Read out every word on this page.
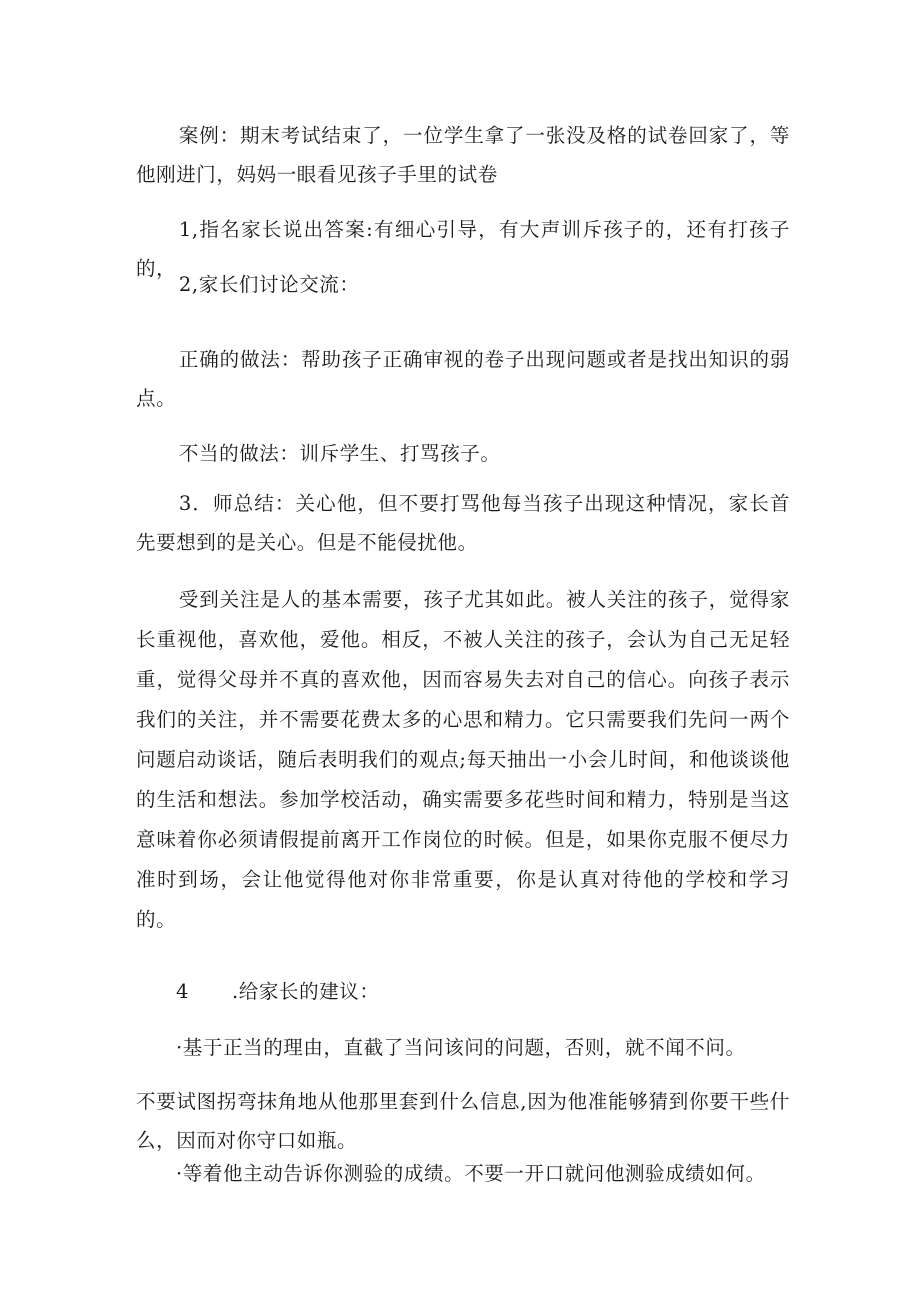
案例：期末考试结束了，一位学生拿了一张没及格的试卷回家了，等他刚进门，妈妈一眼看见孩子手里的试卷

1,指名家长说出答案:有细心引导，有大声训斥孩子的，还有打孩子的，

2,家长们讨论交流：

正确的做法：帮助孩子正确审视的卷子出现问题或者是找出知识的弱点。

不当的做法：训斥学生、打骂孩子。

3．师总结：关心他，但不要打骂他每当孩子出现这种情况，家长首先要想到的是关心。但是不能侵扰他。

受到关注是人的基本需要，孩子尤其如此。被人关注的孩子，觉得家长重视他，喜欢他，爱他。相反，不被人关注的孩子，会认为自己无足轻重，觉得父母并不真的喜欢他，因而容易失去对自己的信心。向孩子表示我们的关注，并不需要花费太多的心思和精力。它只需要我们先问一两个问题启动谈话，随后表明我们的观点;每天抽出一小会儿时间，和他谈谈他的生活和想法。参加学校活动，确实需要多花些时间和精力，特别是当这意味着你必须请假提前离开工作岗位的时候。但是，如果你克服不便尽力准时到场，会让他觉得他对你非常重要，你是认真对待他的学校和学习的。

4 .给家长的建议：

·基于正当的理由，直截了当问该问的问题，否则，就不闻不问。

不要试图拐弯抹角地从他那里套到什么信息,因为他准能够猜到你要干些什么，因而对你守口如瓶。

·等着他主动告诉你测验的成绩。不要一开口就问他测验成绩如何。
